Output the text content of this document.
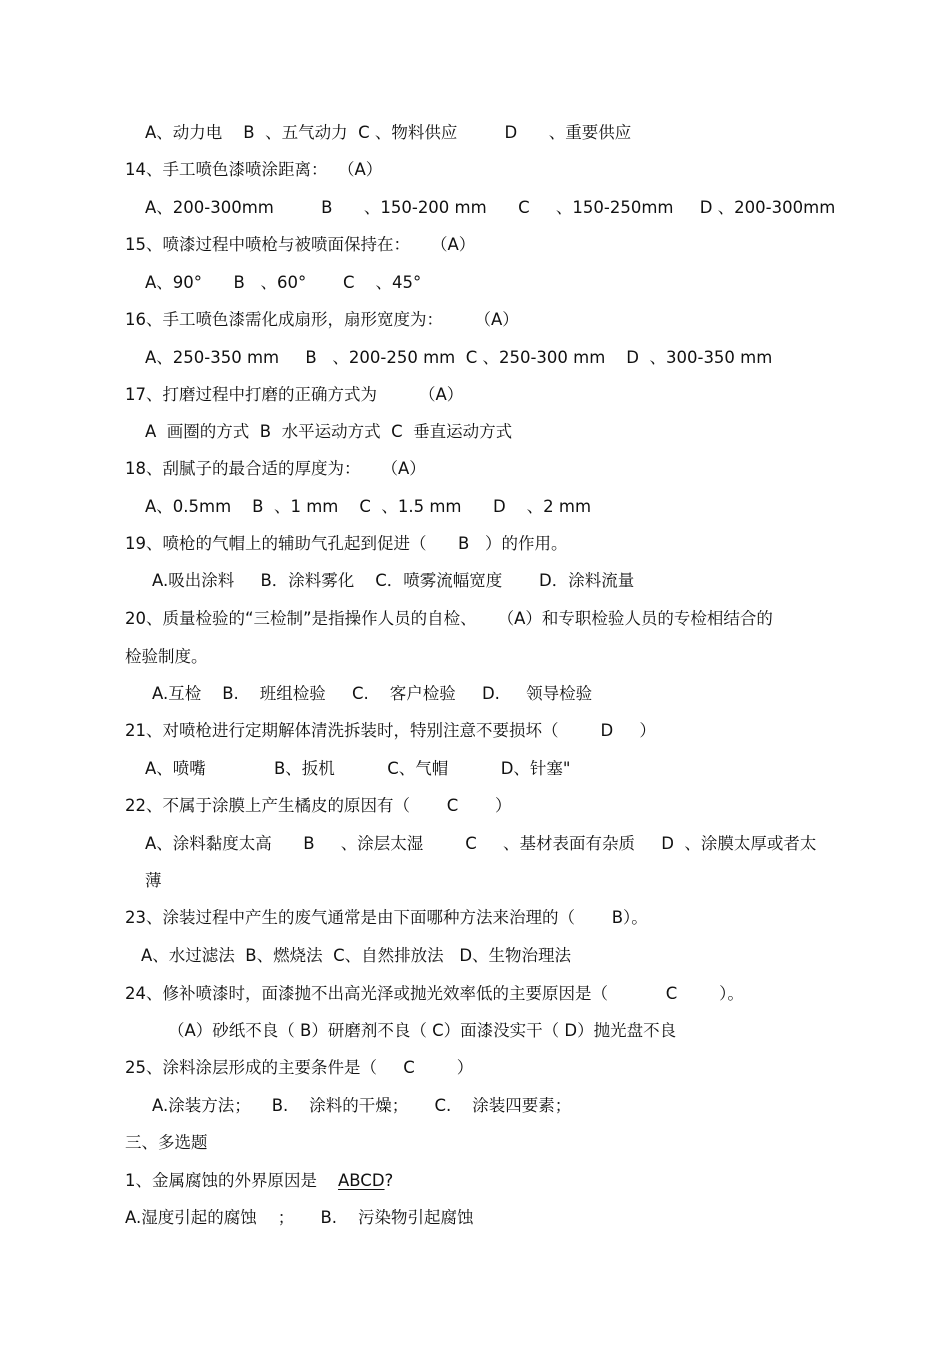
A、动力电    B  、五气动力  C 、物料供应         D      、重要供应
14、手工喷色漆喷涂距离：  （A）
A、200-300mm         B      、150-200 mm      C     、150-250mm     D 、200-300mm
15、喷漆过程中喷枪与被喷面保持在：    （A）
A、90°      B   、60°       C    、45°
16、手工喷色漆需化成扇形，扇形宽度为：      （A）
A、250-350 mm     B   、200-250 mm  C 、250-300 mm    D  、300-350 mm
17、打磨过程中打磨的正确方式为        （A）
A  画圈的方式  B  水平运动方式  C  垂直运动方式
18、刮腻子的最合适的厚度为：    （A）
A、0.5mm    B  、1 mm    C  、1.5 mm      D    、2 mm
19、喷枪的气帽上的辅助气孔起到促进（      B   ）的作用。
A.吸出涂料     B．涂料雾化    C．喷雾流幅宽度       D．涂料流量
20、质量检验的“三检制”是指操作人员的自检、    （A）和专职检验人员的专检相结合的
检验制度。
A.互检    B.    班组检验     C.    客户检验     D.     领导检验
21、对喷枪进行定期解体清洗拆装时，特别注意不要损坏（        D     ）
A、喷嘴             B、扳机          C、气帽          D、针塞"
22、不属于涂膜上产生橘皮的原因有（       C       ）
A、涂料黏度太高      B     、涂层太湿        C     、基材表面有杂质     D  、涂膜太厚或者太
薄
23、涂装过程中产生的废气通常是由下面哪种方法来治理的（       B）。
A、水过滤法  B、燃烧法  C、自然排放法   D、生物治理法
24、修补喷漆时，面漆抛不出高光泽或抛光效率低的主要原因是（           C        ）。
（A）砂纸不良（ B）研磨剂不良（ C）面漆没实干（ D）抛光盘不良
25、涂料涂层形成的主要条件是（     C        ）
A.涂装方法；    B.    涂料的干燥；     C.    涂装四要素；
三、多选题
1、金属腐蚀的外界原因是    ABCD?
A.湿度引起的腐蚀    ；     B.    污染物引起腐蚀
